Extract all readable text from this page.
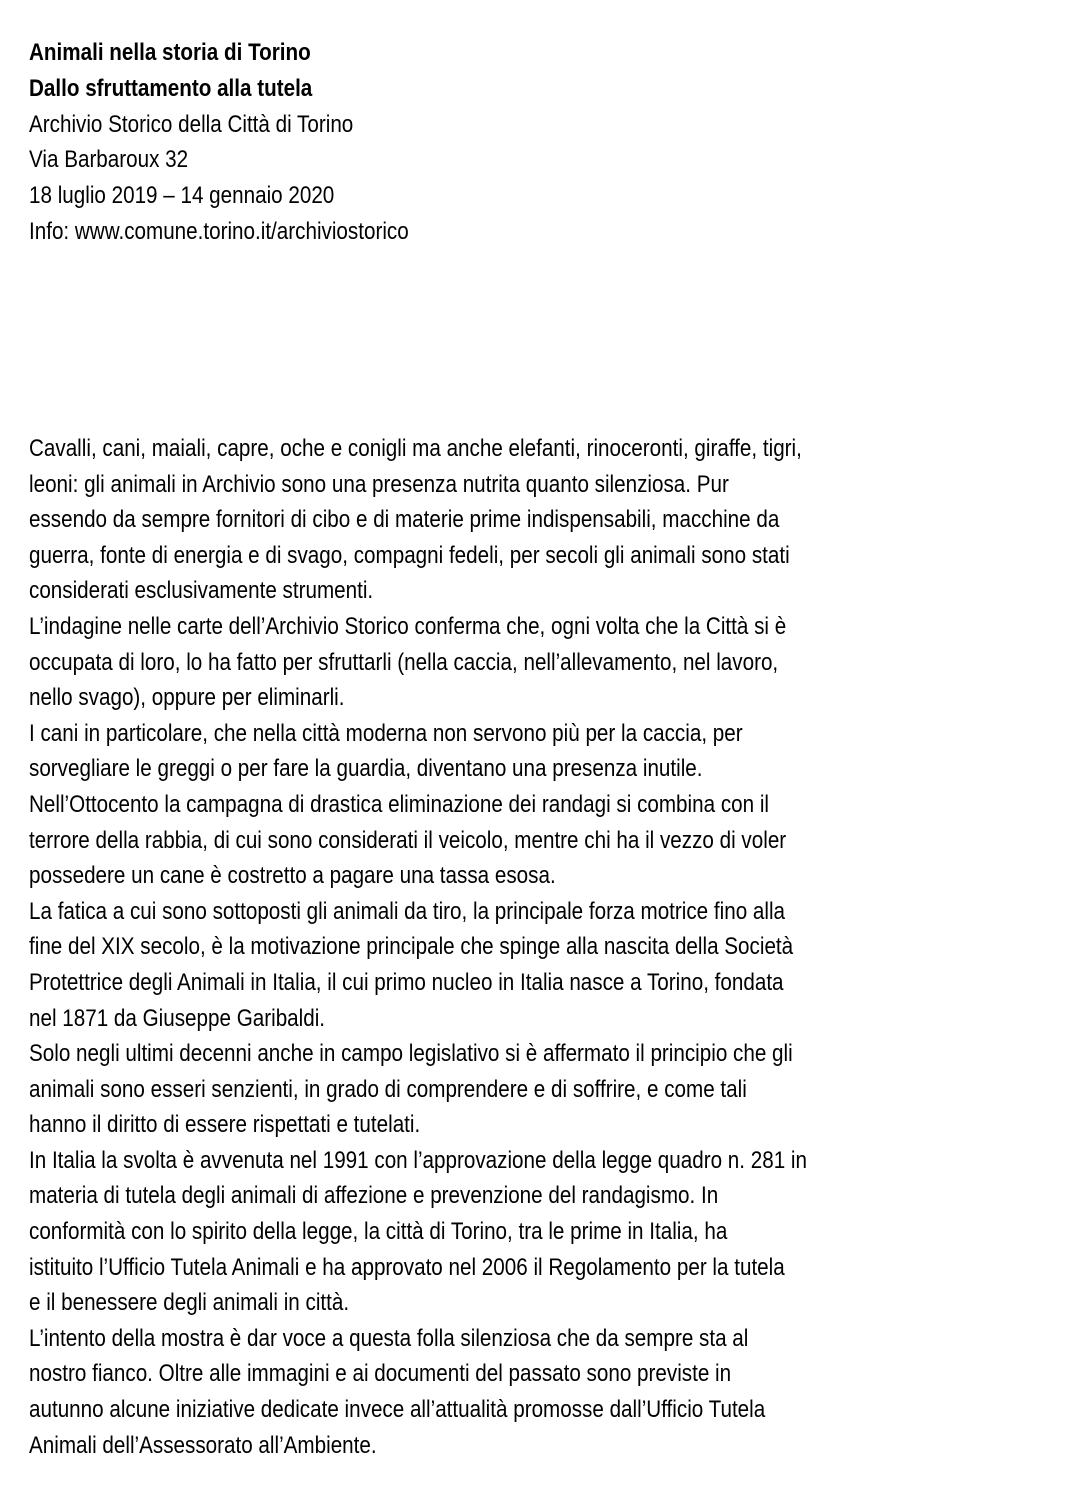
Animali nella storia di Torino
Dallo sfruttamento alla tutela
Archivio Storico della Città di Torino
Via Barbaroux 32
18 luglio 2019 – 14 gennaio 2020
Info: www.comune.torino.it/archiviostorico
Cavalli, cani, maiali, capre, oche e conigli ma anche elefanti, rinoceronti, giraffe, tigri,
leoni: gli animali in Archivio sono una presenza nutrita quanto silenziosa. Pur
essendo da sempre fornitori di cibo e di materie prime indispensabili, macchine da
guerra, fonte di energia e di svago, compagni fedeli, per secoli gli animali sono stati
considerati esclusivamente strumenti.
L’indagine nelle carte dell’Archivio Storico conferma che, ogni volta che la Città si è
occupata di loro, lo ha fatto per sfruttarli (nella caccia, nell’allevamento, nel lavoro,
nello svago), oppure per eliminarli.
I cani in particolare, che nella città moderna non servono più per la caccia, per
sorvegliare le greggi o per fare la guardia, diventano una presenza inutile.
Nell’Ottocento la campagna di drastica eliminazione dei randagi si combina con il
terrore della rabbia, di cui sono considerati il veicolo, mentre chi ha il vezzo di voler
possedere un cane è costretto a pagare una tassa esosa.
La fatica a cui sono sottoposti gli animali da tiro, la principale forza motrice fino alla
fine del XIX secolo, è la motivazione principale che spinge alla nascita della Società
Protettrice degli Animali in Italia, il cui primo nucleo in Italia nasce a Torino, fondata
nel 1871 da Giuseppe Garibaldi.
Solo negli ultimi decenni anche in campo legislativo si è affermato il principio che gli
animali sono esseri senzienti, in grado di comprendere e di soffrire, e come tali
hanno il diritto di essere rispettati e tutelati.
In Italia la svolta è avvenuta nel 1991 con l’approvazione della legge quadro n. 281 in
materia di tutela degli animali di affezione e prevenzione del randagismo. In
conformità con lo spirito della legge, la città di Torino, tra le prime in Italia, ha
istituito l’Ufficio Tutela Animali e ha approvato nel 2006 il Regolamento per la tutela
e il benessere degli animali in città.
L’intento della mostra è dar voce a questa folla silenziosa che da sempre sta al
nostro fianco. Oltre alle immagini e ai documenti del passato sono previste in
autunno alcune iniziative dedicate invece all’attualità promosse dall’Ufficio Tutela
Animali dell’Assessorato all’Ambiente.
